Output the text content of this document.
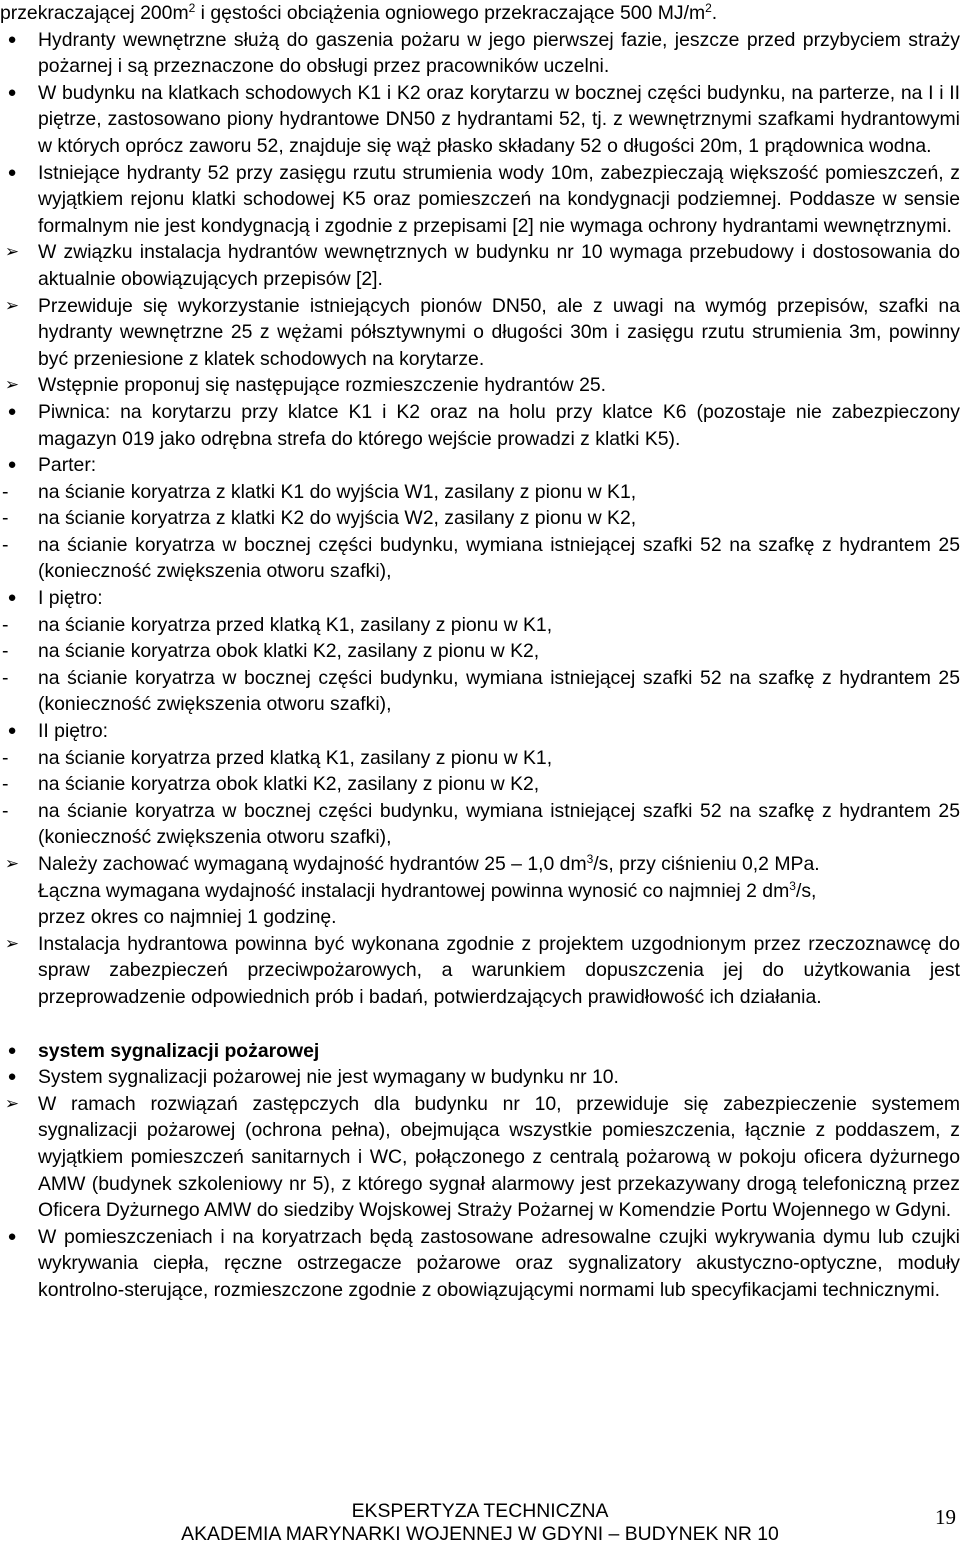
przekraczającej $200m^2$ i gęstości obciążenia ogniowego przekraczające 500 $MJ/m^2$.

●	Hydranty wewnętrzne służą do gaszenia pożaru w jego pierwszej fazie, jeszcze przed przybyciem straży pożarnej i są przeznaczone do obsługi przez pracowników uczelni.

●	W budynku na klatkach schodowych K1 i K2 oraz korytarzu w bocznej części budynku, na parterze, na I i II piętrze, zastosowano piony hydrantowe DN50 z hydrantami 52, tj. z wewnętrznymi szafkami hydrantowymi w których oprócz zaworu 52, znajduje się wąż płasko składany 52 o długości 20m, 1 prądownica wodna.

●	Istniejące hydranty 52 przy zasięgu rzutu strumienia wody 10m, zabezpieczają większość pomieszczeń, z wyjątkiem rejonu klatki schodowej K5 oraz pomieszczeń na kondygnacji podziemnej. Poddasze w sensie formalnym nie jest kondygnacją i zgodnie z przepisami [2] nie wymaga ochrony hydrantami wewnętrznymi.

➢ W związku instalacja hydrantów wewnętrznych w budynku nr 10 wymaga przebudowy i dostosowania do aktualnie obowiązujących przepisów [2].

➢ Przewiduje się wykorzystanie istniejących pionów DN50, ale z uwagi na wymóg przepisów, szafki na hydranty wewnętrzne 25 z wężami półsztywnymi o długości 30m i zasięgu rzutu strumienia 3m, powinny być przeniesione z klatek schodowych na korytarze.

➢ Wstępnie proponuj się następujące rozmieszczenie hydrantów 25.

●	Piwnica: na korytarzu przy klatce K1 i K2 oraz na holu przy klatce K6 (pozostaje nie zabezpieczony magazyn 019 jako odrębna strefa do którego wejście prowadzi z klatki K5).

●	Parter:

-	na ścianie koryatrza z klatki K1 do wyjścia W1, zasilany z pionu w K1,

-	na ścianie koryatrza z klatki K2 do wyjścia W2, zasilany z pionu w K2,

-	na ścianie koryatrza w bocznej części budynku, wymiana istniejącej szafki 52 na szafkę z hydrantem 25 (konieczność zwiększenia otworu szafki),

●	I piętro:

-	na ścianie koryatrza przed klatką K1, zasilany z pionu w K1,

-	na ścianie koryatrza obok klatki K2, zasilany z pionu w K2,

-	na ścianie koryatrza w bocznej części budynku, wymiana istniejącej szafki 52 na szafkę z hydrantem 25 (konieczność zwiększenia otworu szafki),

●	II piętro:

-	na ścianie koryatrza przed klatką K1, zasilany z pionu w K1,

-	na ścianie koryatrza obok klatki K2, zasilany z pionu w K2,

-	na ścianie koryatrza w bocznej części budynku, wymiana istniejącej szafki 52 na szafkę z hydrantem 25 (konieczność zwiększenia otworu szafki),

➢ Należy zachować wymaganą wydajność hydrantów 25 – 1,0 $dm^3/s$, przy ciśnieniu 0,2 MPa.
Łączna wymagana wydajność instalacji hydrantowej powinna wynosić co najmniej 2 $dm^3/s$,
przez okres co najmniej 1 godzinę.

➢ Instalacja hydrantowa powinna być wykonana zgodnie z projektem uzgodnionym przez rzeczoznawcę do spraw zabezpieczeń przeciwpożarowych, a warunkiem dopuszczenia jej do użytkowania jest przeprowadzenie odpowiednich prób i badań, potwierdzających prawidłowość ich działania.

●	system sygnalizacji pożarowej

●	System sygnalizacji pożarowej nie jest wymagany w budynku nr 10.

➢ W ramach rozwiązań zastępczych dla budynku nr 10, przewiduje się zabezpieczenie systemem sygnalizacji pożarowej (ochrona pełna), obejmująca wszystkie pomieszczenia, łącznie z poddaszem, z wyjątkiem pomieszczeń sanitarnych i WC, połączonego z centralą pożarową w pokoju oficera dyżurnego AMW (budynek szkoleniowy nr 5), z którego sygnał alarmowy jest przekazywany drogą telefoniczną przez Oficera Dyżurnego AMW do siedziby Wojskowej Straży Pożarnej w Komendzie Portu Wojennego w Gdyni.

●	W pomieszczeniach i na koryatrzach będą zastosowane adresowalne czujki wykrywania dymu lub czujki wykrywania ciepła, ręczne ostrzegacze pożarowe oraz sygnalizatory akustyczno-optyczne, moduły kontrolno-sterujące, rozmieszczone zgodnie z obowiązującymi normami lub specyfikacjami technicznymi.

EKSPERTYZA TECHNICZNA
AKADEMIA MARYNARKI WOJENNEJ W GDYNI – BUDYNEK NR 10
19
